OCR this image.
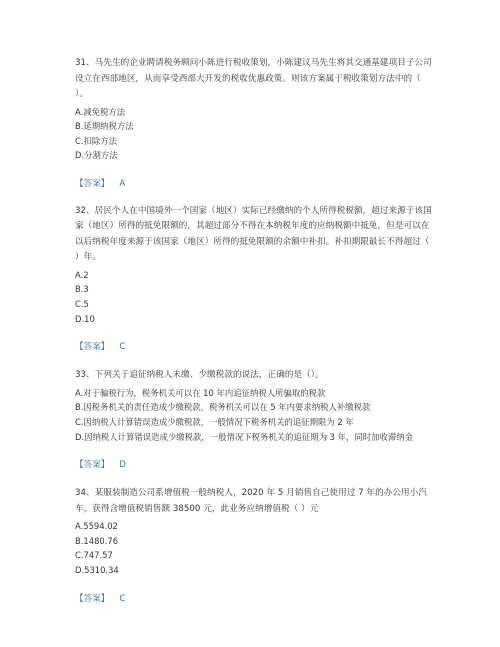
31、马先生的企业聘请税务顾问小陈进行税收策划，小陈建议马先生将其交通基建项目子公司设立在西部地区，从而享受西部大开发的税收优惠政策。则该方案属于税收策划方法中的（ ）。

A.减免税方法
B.延期纳税方法
C.扣除方法
D.分割方法

【答案】 A

32、居民个人在中国境外一个国家（地区）实际已经缴纳的个人所得税税额，超过来源于该国家（地区）所得的抵免限额的，其超过部分不得在本纳税年度的应纳税额中抵免，但是可以在以后纳税年度来源于该国家（地区）所得的抵免限额的余额中补扣。补扣期限最长不得超过（ ）年。

A.2
B.3
C.5
D.10

【答案】 C

33、下列关于追征纳税人未缴、少缴税款的说法，正确的是（）。

A.对于骗税行为，税务机关可以在 10 年内追征纳税人所骗取的税款
B.因税务机关的责任造成少缴税款，税务机关可以在 5 年内要求纳税人补缴税款
C.因纳税人计算错误造成少缴税款，一般情况下税务机关的追征期限为 2 年
D.因纳税人计算错误造成少缴税款，一般情况下税务机关的追征期为 3 年，同时加收滞纳金

【答案】 D

34、某服装制造公司系增值税一般纳税人，2020 年 5 月销售自己使用过 7 年的办公用小汽车，获得含增值税销售额 38500 元，此业务应纳增值税（ ）元

A.5594.02
B.1480.76
C.747.57
D.5310.34

【答案】 C
